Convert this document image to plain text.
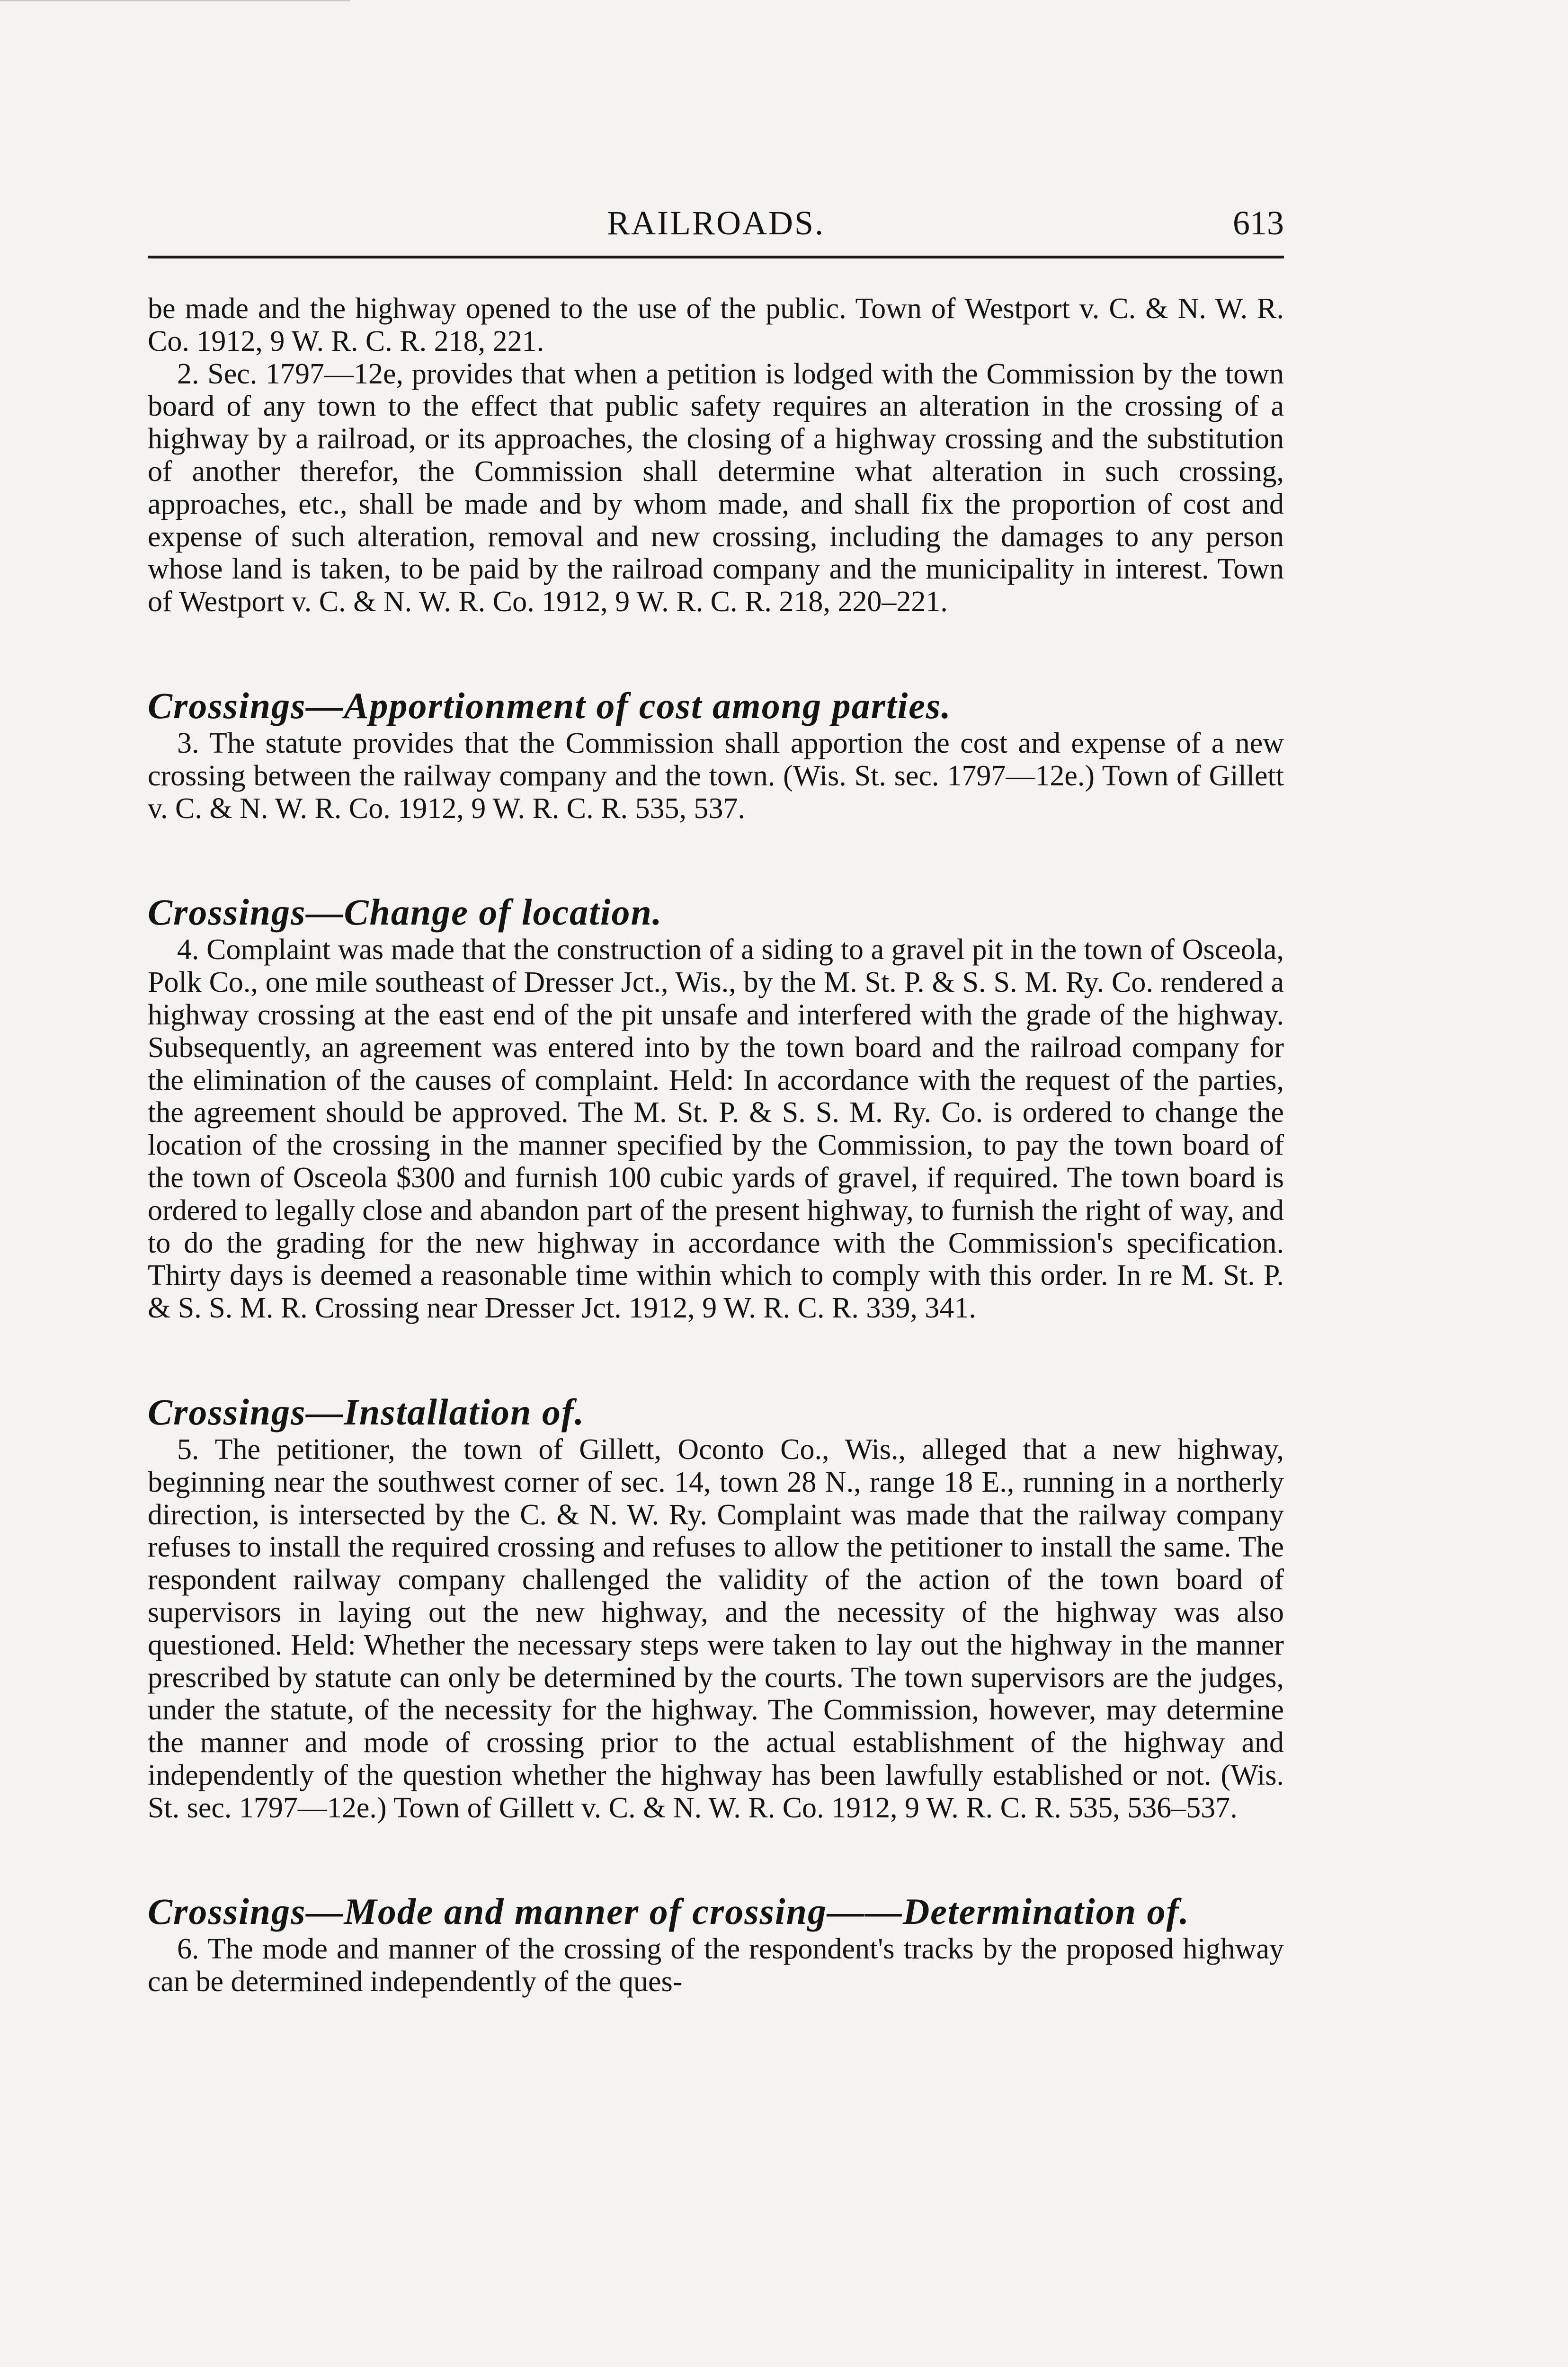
RAILROADS.	613

be made and the highway opened to the use of the public. Town of Westport v. C. & N. W. R. Co. 1912, 9 W. R. C. R. 218, 221.

2. Sec. 1797—12e, provides that when a petition is lodged with the Commission by the town board of any town to the effect that public safety requires an alteration in the crossing of a highway by a railroad, or its approaches, the closing of a highway crossing and the substitution of another therefor, the Commission shall determine what alteration in such crossing, approaches, etc., shall be made and by whom made, and shall fix the proportion of cost and expense of such alteration, removal and new crossing, including the damages to any person whose land is taken, to be paid by the railroad company and the municipality in interest. Town of Westport v. C. & N. W. R. Co. 1912, 9 W. R. C. R. 218, 220–221.

Crossings—Apportionment of cost among parties.

3. The statute provides that the Commission shall apportion the cost and expense of a new crossing between the railway company and the town. (Wis. St. sec. 1797—12e.) Town of Gillett v. C. & N. W. R. Co. 1912, 9 W. R. C. R. 535, 537.

Crossings—Change of location.

4. Complaint was made that the construction of a siding to a gravel pit in the town of Osceola, Polk Co., one mile southeast of Dresser Jct., Wis., by the M. St. P. & S. S. M. Ry. Co. rendered a highway crossing at the east end of the pit unsafe and interfered with the grade of the highway. Subsequently, an agreement was entered into by the town board and the railroad company for the elimination of the causes of complaint. Held: In accordance with the request of the parties, the agreement should be approved. The M. St. P. & S. S. M. Ry. Co. is ordered to change the location of the crossing in the manner specified by the Commission, to pay the town board of the town of Osceola $300 and furnish 100 cubic yards of gravel, if required. The town board is ordered to legally close and abandon part of the present highway, to furnish the right of way, and to do the grading for the new highway in accordance with the Commission's specification. Thirty days is deemed a reasonable time within which to comply with this order. In re M. St. P. & S. S. M. R. Crossing near Dresser Jct. 1912, 9 W. R. C. R. 339, 341.

Crossings—Installation of.

5. The petitioner, the town of Gillett, Oconto Co., Wis., alleged that a new highway, beginning near the southwest corner of sec. 14, town 28 N., range 18 E., running in a northerly direction, is intersected by the C. & N. W. Ry. Complaint was made that the railway company refuses to install the required crossing and refuses to allow the petitioner to install the same. The respondent railway company challenged the validity of the action of the town board of supervisors in laying out the new highway, and the necessity of the highway was also questioned. Held: Whether the necessary steps were taken to lay out the highway in the manner prescribed by statute can only be determined by the courts. The town supervisors are the judges, under the statute, of the necessity for the highway. The Commission, however, may determine the manner and mode of crossing prior to the actual establishment of the highway and independently of the question whether the highway has been lawfully established or not. (Wis. St. sec. 1797—12e.) Town of Gillett v. C. & N. W. R. Co. 1912, 9 W. R. C. R. 535, 536–537.

Crossings—Mode and manner of crossing——Determination of.

6. The mode and manner of the crossing of the respondent's tracks by the proposed highway can be determined independently of the ques-
